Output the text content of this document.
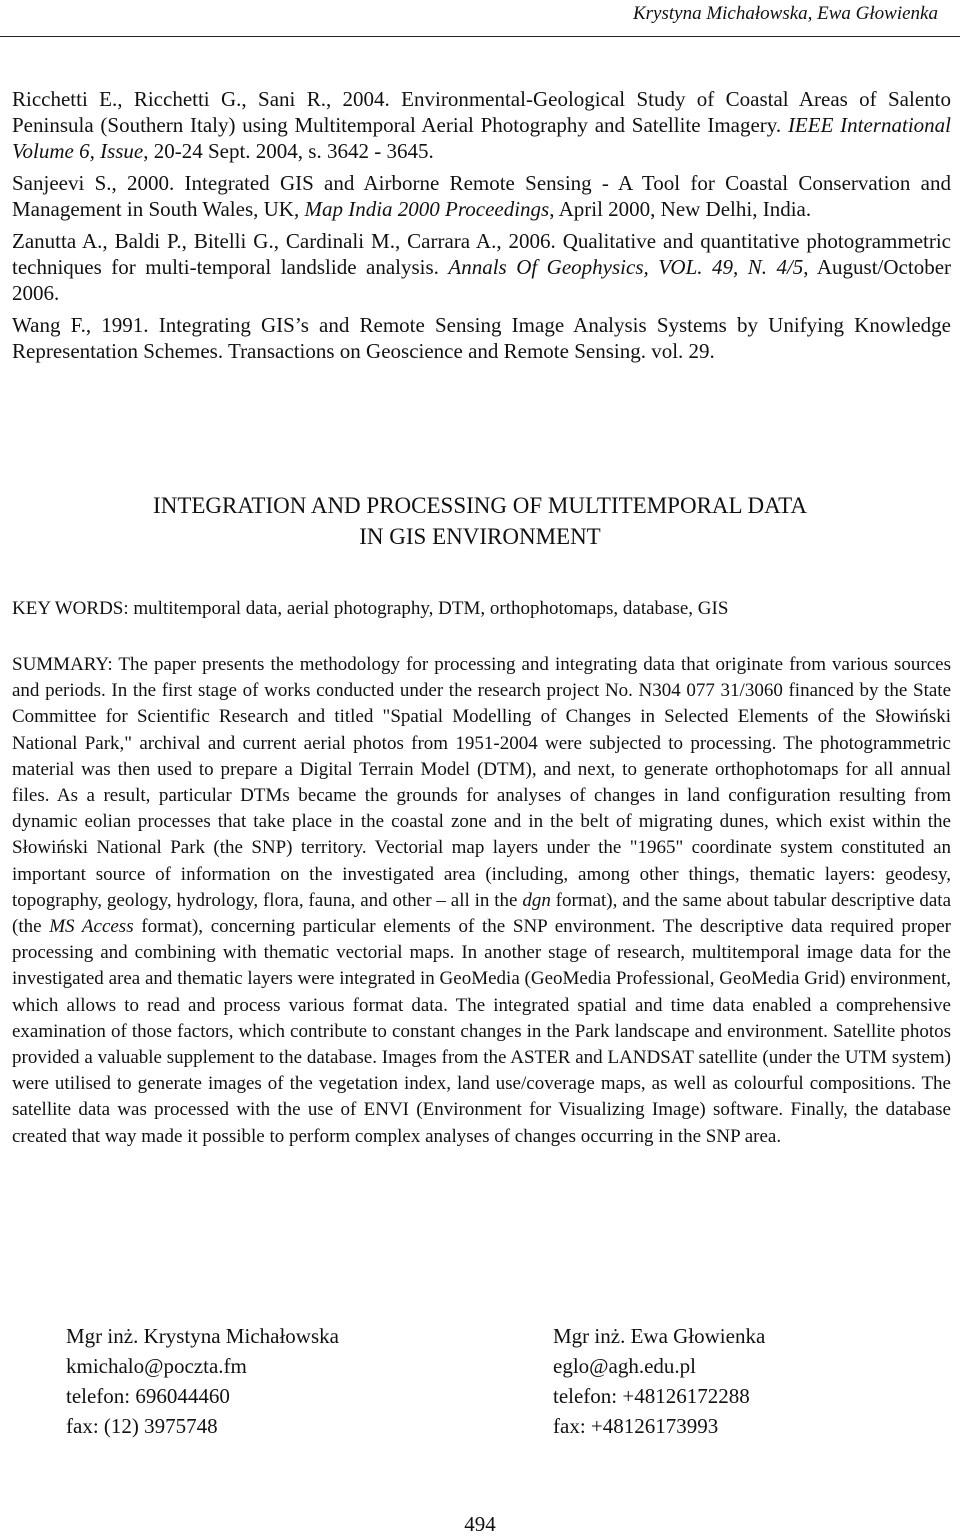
Krystyna Michałowska, Ewa Głowienka

Ricchetti E., Ricchetti G., Sani R., 2004. Environmental-Geological Study of Coastal Areas of Salento Peninsula (Southern Italy) using Multitemporal Aerial Photography and Satellite Imagery. IEEE International Volume 6, Issue, 20-24 Sept. 2004, s. 3642 - 3645.

Sanjeevi S., 2000. Integrated GIS and Airborne Remote Sensing - A Tool for Coastal Conservation and Management in South Wales, UK, Map India 2000 Proceedings, April 2000, New Delhi, India.

Zanutta A., Baldi P., Bitelli G., Cardinali M., Carrara A., 2006. Qualitative and quantitative photogrammetric techniques for multi-temporal landslide analysis. Annals Of Geophysics, VOL. 49, N. 4/5, August/October 2006.

Wang F., 1991. Integrating GIS’s and Remote Sensing Image Analysis Systems by Unifying Knowledge Representation Schemes. Transactions on Geoscience and Remote Sensing. vol. 29.

INTEGRATION AND PROCESSING OF MULTITEMPORAL DATA
IN GIS ENVIRONMENT
KEY WORDS: multitemporal data, aerial photography, DTM, orthophotomaps, database, GIS
SUMMARY: The paper presents the methodology for processing and integrating data that originate from various sources and periods. In the first stage of works conducted under the research project No. N304 077 31/3060 financed by the State Committee for Scientific Research and titled "Spatial Modelling of Changes in Selected Elements of the Słowiński National Park," archival and current aerial photos from 1951-2004 were subjected to processing. The photogrammetric material was then used to prepare a Digital Terrain Model (DTM), and next, to generate orthophotomaps for all annual files. As a result, particular DTMs became the grounds for analyses of changes in land configuration resulting from dynamic eolian processes that take place in the coastal zone and in the belt of migrating dunes, which exist within the Słowiński National Park (the SNP) territory. Vectorial map layers under the "1965" coordinate system constituted an important source of information on the investigated area (including, among other things, thematic layers: geodesy, topography, geology, hydrology, flora, fauna, and other – all in the dgn format), and the same about tabular descriptive data (the MS Access format), concerning particular elements of the SNP environment. The descriptive data required proper processing and combining with thematic vectorial maps. In another stage of research, multitemporal image data for the investigated area and thematic layers were integrated in GeoMedia (GeoMedia Professional, GeoMedia Grid) environment, which allows to read and process various format data. The integrated spatial and time data enabled a comprehensive examination of those factors, which contribute to constant changes in the Park landscape and environment. Satellite photos provided a valuable supplement to the database. Images from the ASTER and LANDSAT satellite (under the UTM system) were utilised to generate images of the vegetation index, land use/coverage maps, as well as colourful compositions. The satellite data was processed with the use of ENVI (Environment for Visualizing Image) software. Finally, the database created that way made it possible to perform complex analyses of changes occurring in the SNP area.
Mgr inż. Krystyna Michałowska
kmichalo@poczta.fm
telefon: 696044460
fax: (12) 3975748
Mgr inż. Ewa Głowienka
eglo@agh.edu.pl
telefon: +48126172288
fax: +48126173993
494
